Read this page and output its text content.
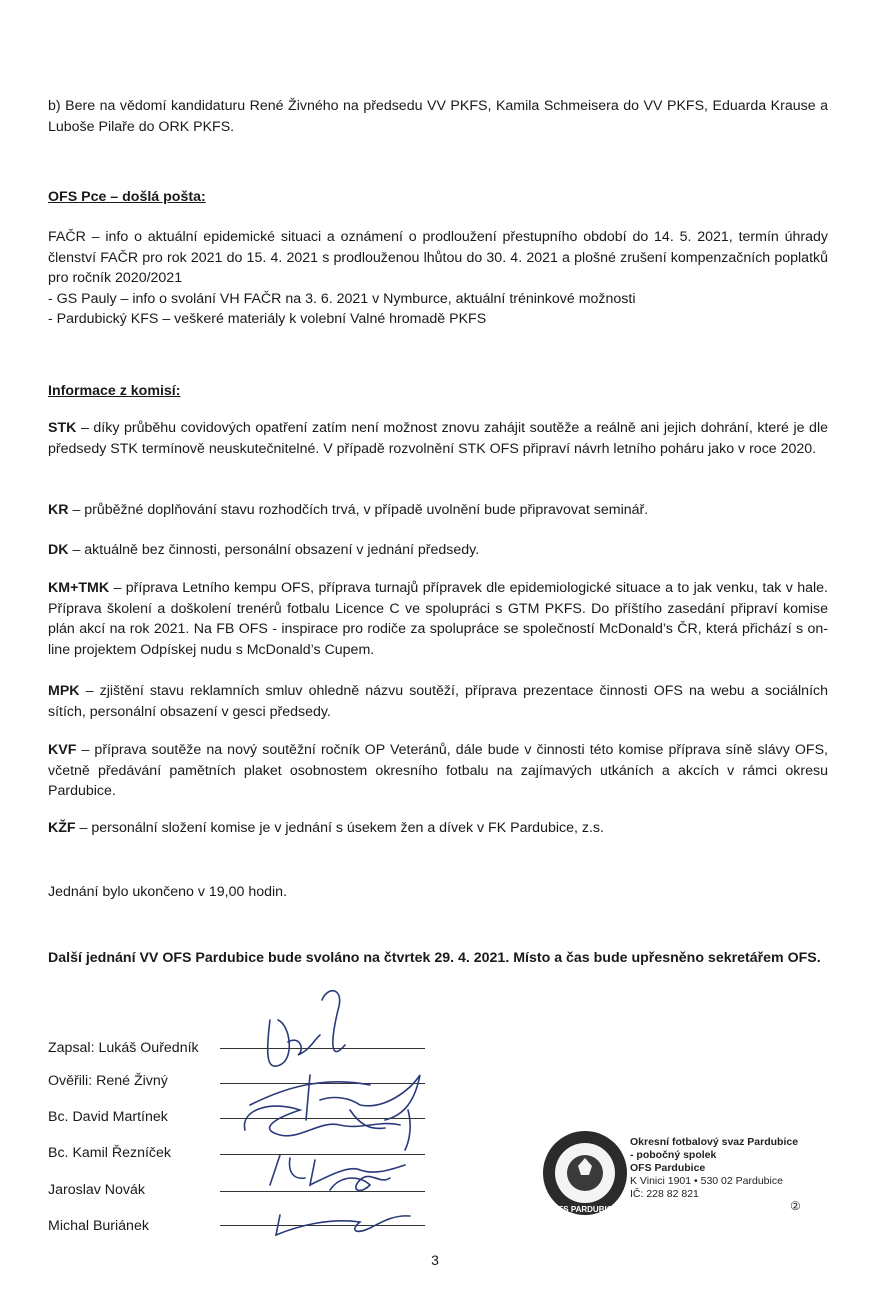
b) Bere na vědomí kandidaturu René Živného na předsedu VV PKFS, Kamila Schmeisera do VV PKFS, Eduarda Krause a Luboše Pilaře do ORK PKFS.
OFS Pce – došlá pošta:
FAČR – info o aktuální epidemické situaci a oznámení o prodloužení přestupního období do 14. 5. 2021, termín úhrady členství FAČR pro rok 2021 do 15. 4. 2021 s prodlouženou lhůtou do 30. 4. 2021 a plošné zrušení kompenzačních poplatků pro ročník 2020/2021
- GS Pauly – info o svolání VH FAČR na 3. 6. 2021 v Nymburce, aktuální tréninkové možnosti
- Pardubický KFS – veškeré materiály k volební Valné hromadě PKFS
Informace z komisí:
STK – díky průběhu covidových opatření zatím není možnost znovu zahájit soutěže a reálně ani jejich dohrání, které je dle předsedy STK termínově neuskutečnitelné. V případě rozvolnění STK OFS připraví návrh letního poháru jako v roce 2020.
KR – průběžné doplňování stavu rozhodčích trvá, v případě uvolnění bude připravovat seminář.
DK – aktuálně bez činnosti, personální obsazení v jednání předsedy.
KM+TMK – příprava Letního kempu OFS, příprava turnajů přípravek dle epidemiologické situace a to jak venku, tak v hale. Příprava školení a doškolení trenérů fotbalu Licence C ve spolupráci s GTM PKFS. Do příštího zasedání připraví komise plán akcí na rok 2021. Na FB OFS - inspirace pro rodiče za spolupráce se společností McDonald’s ČR, která přichází s on-line projektem Odpískej nudu s McDonald’s Cupem.
MPK – zjištění stavu reklamních smluv ohledně názvu soutěží, příprava prezentace činnosti OFS na webu a sociálních sítích, personální obsazení v gesci předsedy.
KVF – příprava soutěže na nový soutěžní ročník OP Veteránů, dále bude v činnosti této komise příprava síně slávy OFS, včetně předávání pamětních plaket osobnostem okresního fotbalu na zajímavých utkáních a akcích v rámci okresu Pardubice.
KŽF – personální složení komise je v jednání s úsekem žen a dívek v FK Pardubice, z.s.
Jednání bylo ukončeno v 19,00 hodin.
Další jednání VV OFS Pardubice bude svoláno na čtvrtek 29. 4. 2021. Místo a čas bude upřesněno sekretářem OFS.
Zapsal: Lukáš Ouředník
Ověřili: René Živný
Bc. David Martínek
Bc. Kamil Řezníček
Jaroslav Novák
Michal Buriánek
OFS PARDUBICE
Okresní fotbalový svaz Pardubice
- pobočný spolek
OFS Pardubice
K Vinici 1901 • 530 02 Pardubice
IČ: 228 82 821
②
3
